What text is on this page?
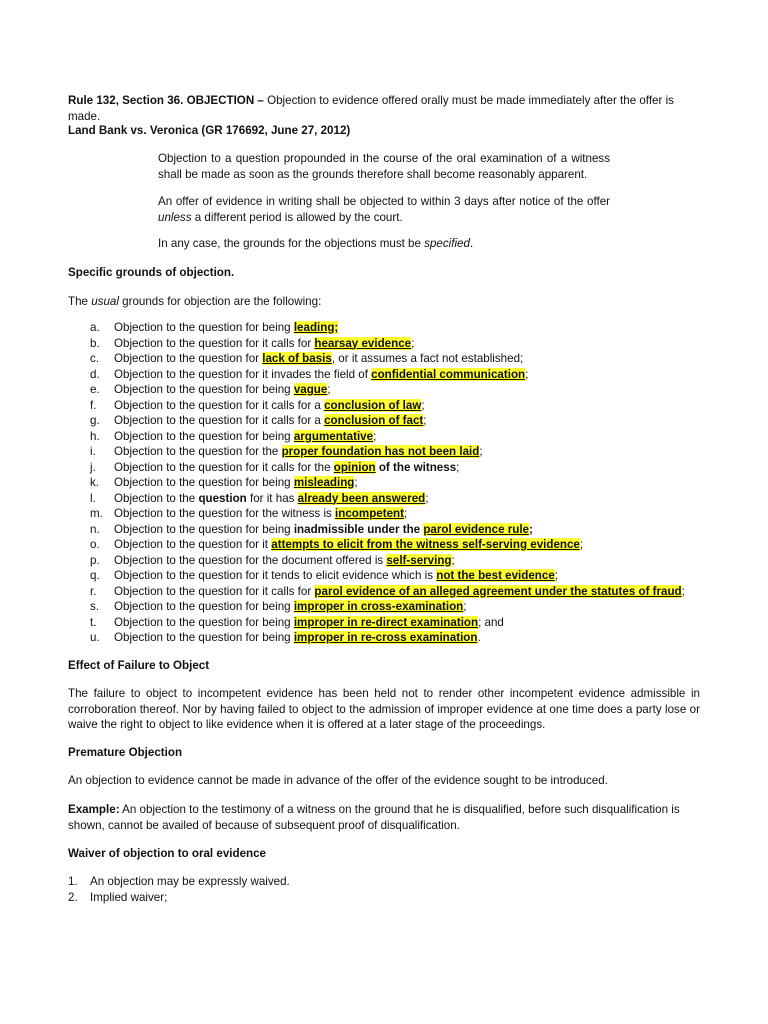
Rule 132, Section 36. OBJECTION – Objection to evidence offered orally must be made immediately after the offer is made.

Land Bank vs. Veronica (GR 176692, June 27, 2012)

Objection to a question propounded in the course of the oral examination of a witness shall be made as soon as the grounds therefore shall become reasonably apparent.

An offer of evidence in writing shall be objected to within 3 days after notice of the offer unless a different period is allowed by the court.

In any case, the grounds for the objections must be specified.

Specific grounds of objection.

The usual grounds for objection are the following:

a.	Objection to the question for being leading;
b.	Objection to the question for it calls for hearsay evidence;
c.	Objection to the question for lack of basis, or it assumes a fact not established;
d.	Objection to the question for it invades the field of confidential communication;
e.	Objection to the question for being vague;
f.	Objection to the question for it calls for a conclusion of law;
g.	Objection to the question for it calls for a conclusion of fact;
h.	Objection to the question for being argumentative;
i.	Objection to the question for the proper foundation has not been laid;
j.	Objection to the question for it calls for the opinion of the witness;
k.	Objection to the question for being misleading;
l.	Objection to the question for it has already been answered;
m. Objection to the question for the witness is incompetent;
n.	Objection to the question for being inadmissible under the parol evidence rule;
o.	Objection to the question for it attempts to elicit from the witness self-serving evidence;
p.	Objection to the question for the document offered is self-serving;
q.	Objection to the question for it tends to elicit evidence which is not the best evidence;
r.	Objection to the question for it calls for parol evidence of an alleged agreement under the statutes of fraud;
s.	Objection to the question for being improper in cross-examination;
t.	Objection to the question for being improper in re-direct examination; and
u.	Objection to the question for being improper in re-cross examination.

Effect of Failure to Object

The failure to object to incompetent evidence has been held not to render other incompetent evidence admissible in corroboration thereof. Nor by having failed to object to the admission of improper evidence at one time does a party lose or waive the right to object to like evidence when it is offered at a later stage of the proceedings.

Premature Objection

An objection to evidence cannot be made in advance of the offer of the evidence sought to be introduced.

Example: An objection to the testimony of a witness on the ground that he is disqualified, before such disqualification is shown, cannot be availed of because of subsequent proof of disqualification.

Waiver of objection to oral evidence

1.	An objection may be expressly waived.
2.	Implied waiver;
